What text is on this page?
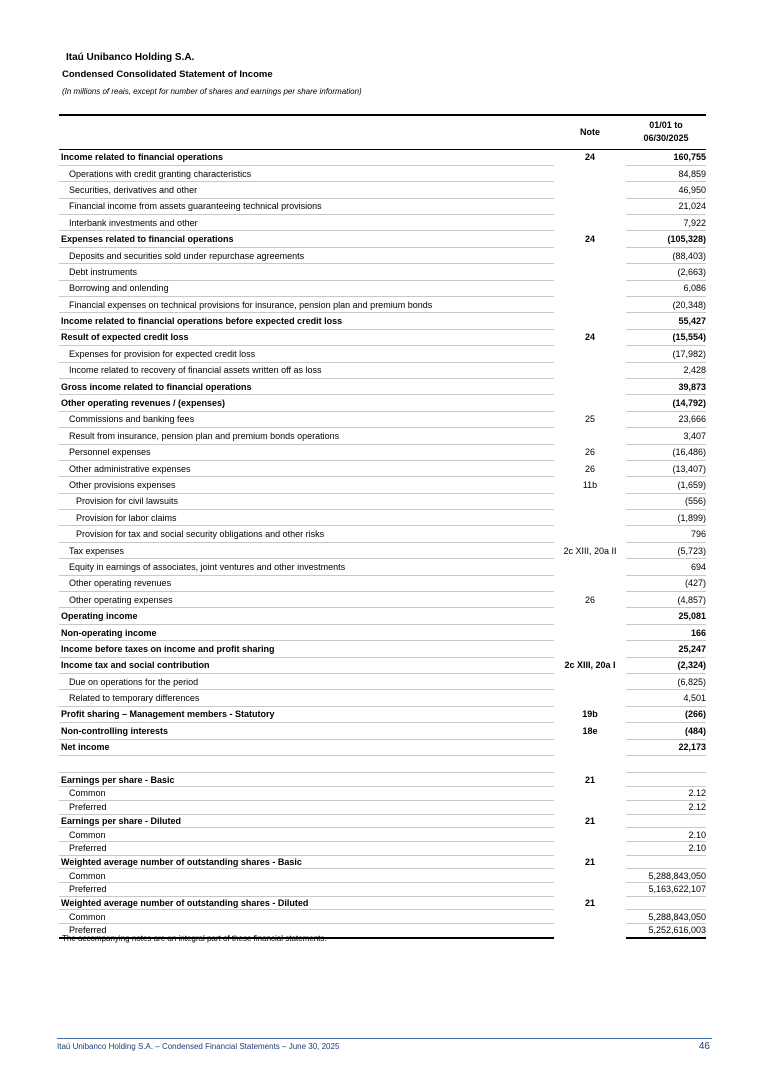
Itaú Unibanco Holding S.A.
Condensed Consolidated Statement of Income
(In millions of reais, except for number of shares and earnings per share information)
	Note	01/01 to
06/30/2025
Income related to financial operations	24	160,755
Operations with credit granting characteristics		84,859
Securities, derivatives and other		46,950
Financial income from assets guaranteeing technical provisions		21,024
Interbank investments and other		7,922
Expenses related to financial operations	24	(105,328)
Deposits and securities sold under repurchase agreements		(88,403)
Debt instruments		(2,663)
Borrowing and onlending		6,086
Financial expenses on technical provisions for insurance, pension plan and premium bonds		(20,348)
Income related to financial operations before expected credit loss		55,427
Result of expected credit loss	24	(15,554)
Expenses for provision for expected credit loss		(17,982)
Income related to recovery of financial assets written off as loss		2,428
Gross income related to financial operations		39,873
Other operating revenues / (expenses)		(14,792)
Commissions and banking fees	25	23,666
Result from insurance, pension plan and premium bonds operations		3,407
Personnel expenses	26	(16,486)
Other administrative expenses	26	(13,407)
Other provisions expenses	11b	(1,659)
Provision for civil lawsuits		(556)
Provision for labor claims		(1,899)
Provision for tax and social security obligations and other risks		796
Tax expenses	2c XIII, 20a II	(5,723)
Equity in earnings of associates, joint ventures and other investments		694
Other operating revenues		(427)
Other operating expenses	26	(4,857)
Operating income		25,081
Non-operating income		166
Income before taxes on income and profit sharing		25,247
Income tax and social contribution	2c XIII, 20a I	(2,324)
Due on operations for the period		(6,825)
Related to temporary differences		4,501
Profit sharing – Management members - Statutory	19b	(266)
Non-controlling interests	18e	(484)
Net income		22,173

Earnings per share - Basic	21	
Common		2.12
Preferred		2.12
Earnings per share - Diluted	21	
Common		2.10
Preferred		2.10
Weighted average number of outstanding shares - Basic	21	
Common		5,288,843,050
Preferred		5,163,622,107
Weighted average number of outstanding shares - Diluted	21	
Common		5,288,843,050
Preferred		5,252,616,003
The accompanying notes are an integral part of these financial statements.
Itaú Unibanco Holding S.A. – Condensed Financial Statements – June 30, 2025	46
